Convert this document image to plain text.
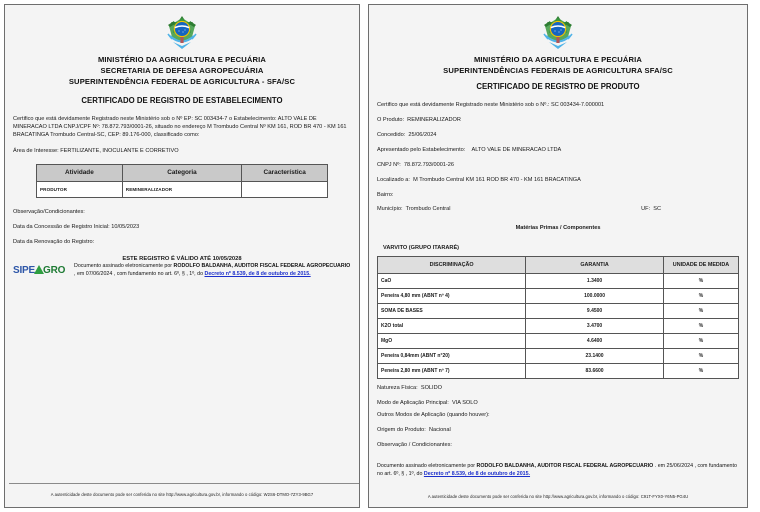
MINISTÉRIO DA AGRICULTURA E PECUÁRIA
SECRETARIA DE DEFESA AGROPECUÁRIA
SUPERINTENDÊNCIA FEDERAL DE AGRICULTURA - SFA/SC
CERTIFICADO DE REGISTRO DE ESTABELECIMENTO
Certifico que está devidamente Registrado neste Ministério sob o Nº EP: SC 003434-7 o Estabelecimento: ALTO VALE DE MINERACAO LTDA CNPJ/CPF Nº: 78.872.793/0001-26, situado no endereço M Trombudo Central Nº KM 161, ROD BR 470 - KM 161 BRACATINGA Trombudo Central-SC, CEP: 89.176-000, classificado como:
Área de Interesse: FERTILIZANTE, INOCULANTE E CORRETIVO
Atividade	Categoria	Característica
PRODUTOR	REMINERALIZADOR	
Observação/Condicionantes:
Data da Concessão de Registro Inicial: 10/05/2023
Data da Renovação do Registro:
ESTE REGISTRO É VÁLIDO ATÉ 10/05/2028
SIPE GRO	Documento assinado eletronicamente por RODOLFO BALDANHA, AUDITOR FISCAL FEDERAL AGROPECUARIO , em 07/06/2024 , com fundamento no art. 6º, § , 1º, do Decreto nº 8.539, de 8 de outubro de 2015.
A autenticidade deste documento pode ser conferida no site http://www.agricultura.gov.br, informando o código: W2S6-DTMO-7ZY3-9BG7
MINISTÉRIO DA AGRICULTURA E PECUÁRIA
SUPERINTENDÊNCIAS FEDERAIS DE AGRICULTURA SFA/SC
CERTIFICADO DE REGISTRO DE PRODUTO
Certifico que está devidamente Registrado neste Ministério sob o Nº.: SC 003434-7.000001
O Produto: REMINERALIZADOR
Concedido: 25/06/2024
Apresentado pelo Estabelecimento: ALTO VALE DE MINERACAO LTDA
CNPJ Nº: 78.872.793/0001-26
Localizado a: M Trombudo Central KM 161 ROD BR 470 - KM 161 BRACATINGA
Bairro:
Município: Trombudo Central	UF: SC
Matérias Primas / Componentes
VARVITO (GRUPO ITARARÉ)
DISCRIMINAÇÃO	GARANTIA	UNIDADE DE MEDIDA
CaO	1.3400	%
Peneira 4,80 mm (ABNT nº 4)	100.0000	%
SOMA DE BASES	9.4500	%
K2O total	3.4700	%
MgO	4.6400	%
Peneira 0,84mm (ABNT n°20)	23.1400	%
Peneira 2,80 mm (ABNT nº 7)	83.6600	%
Natureza Física: SOLIDO
Modo de Aplicação Principal: VIA SOLO
Outros Modos de Aplicação (quando houver):
Origem do Produto: Nacional
Observação / Condicionantes:
Documento assinado eletronicamente por RODOLFO BALDANHA, AUDITOR FISCAL FEDERAL AGROPECUARIO . em 25/06/2024 , com fundamento no art. 6º, § , 1º, do Decreto nº 8.539, de 8 de outubro de 2015.
A autenticidade deste documento pode ser conferida no site http://www.agricultura.gov.br, informando o código: C91T-FYX0-Y6N5-PG4U
